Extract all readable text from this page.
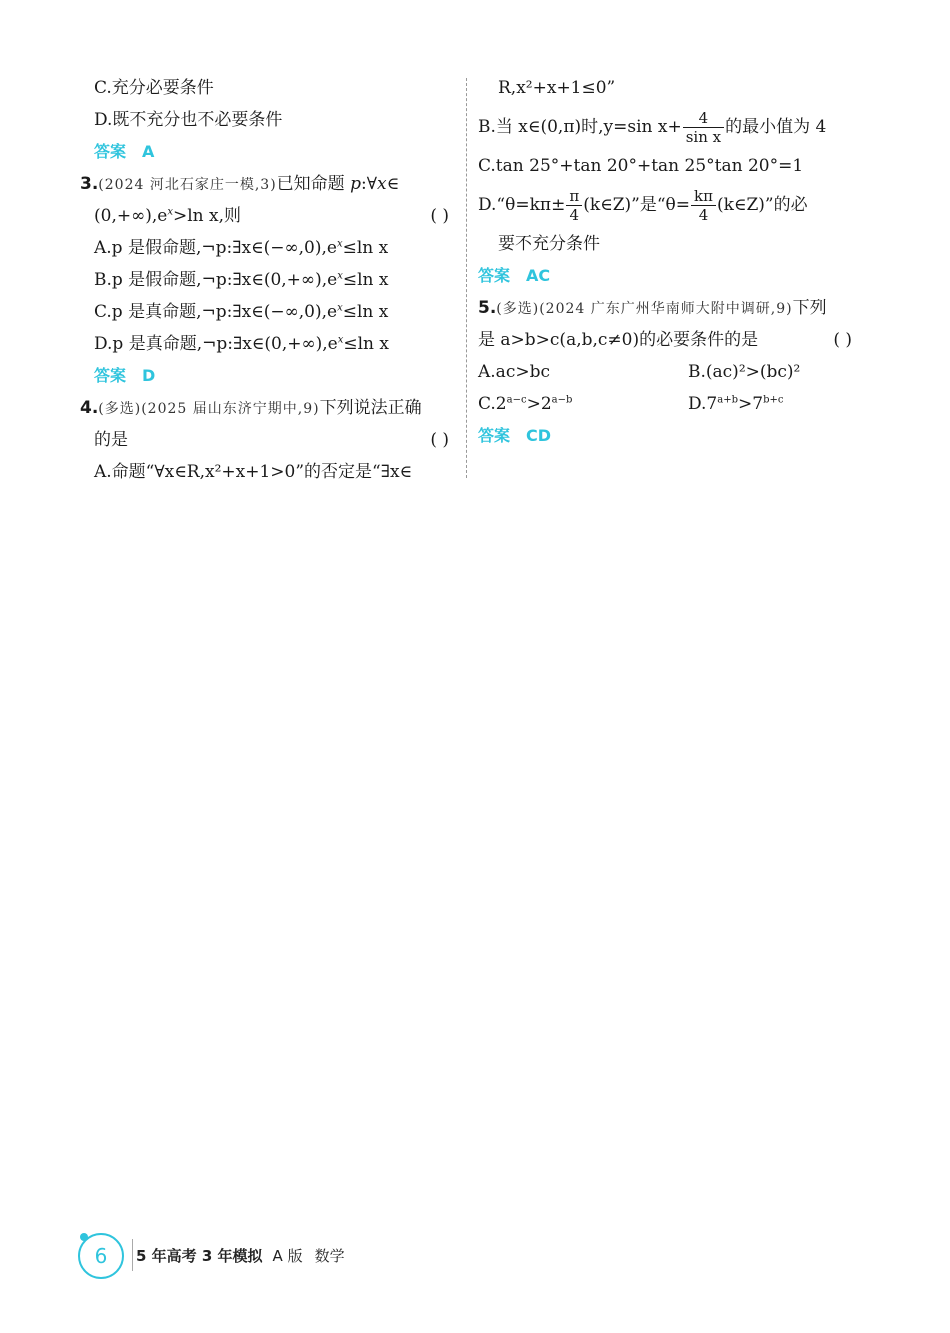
C.充分必要条件
D.既不充分也不必要条件
答案 A
3.(2024 河北石家庄一模,3)已知命题 p:∀x∈
$(0,+\infty),e^x>\ln$ x,则	( )
A.p 是假命题$,\neg p:\exists x\in(-\infty,0),e^x\le\ln$ x
B.p 是假命题$,\neg p:\exists x\in(0,+\infty),e^x\le\ln$ x
C.p 是真命题$,\neg p:\exists x\in(-\infty,0),e^x\le\ln$ x
D.p 是真命题$,\neg p:\exists x\in(0,+\infty),e^x\le\ln$ x
答案 D
4.(多选)(2025 届山东济宁期中,9)下列说法正确
的是	( )
A.命题“∀x∈R,x²+x+1>0”的否定是“∃x∈
R,x²+x+1≤0”
B.当 x∈(0,π)时,y=sin $x+ \frac{4}{\text{sin x}}$ 的最小值为 4
C.tan 25°+tan 20°+tan 25°tan 20°=1
D.“θ=kπ± $\frac{\pi}{4}$ (k∈Z)”是“$\theta= \frac{k\pi}{4}$ (k∈Z)”的必
要不充分条件
答案 AC
5.(多选)(2024 广东广州华南师大附中调研,9)下列
是 a>b>c(a,b,c≠0)的必要条件的是	( )
A.ac>bc	B.(ac)²>(bc)²
$C.2^{a-c}>2^{a-b}$	$D.7^{a+b}>7^{b+c}$
答案 CD
6	5 年高考 3 年模拟 A 版 数学
